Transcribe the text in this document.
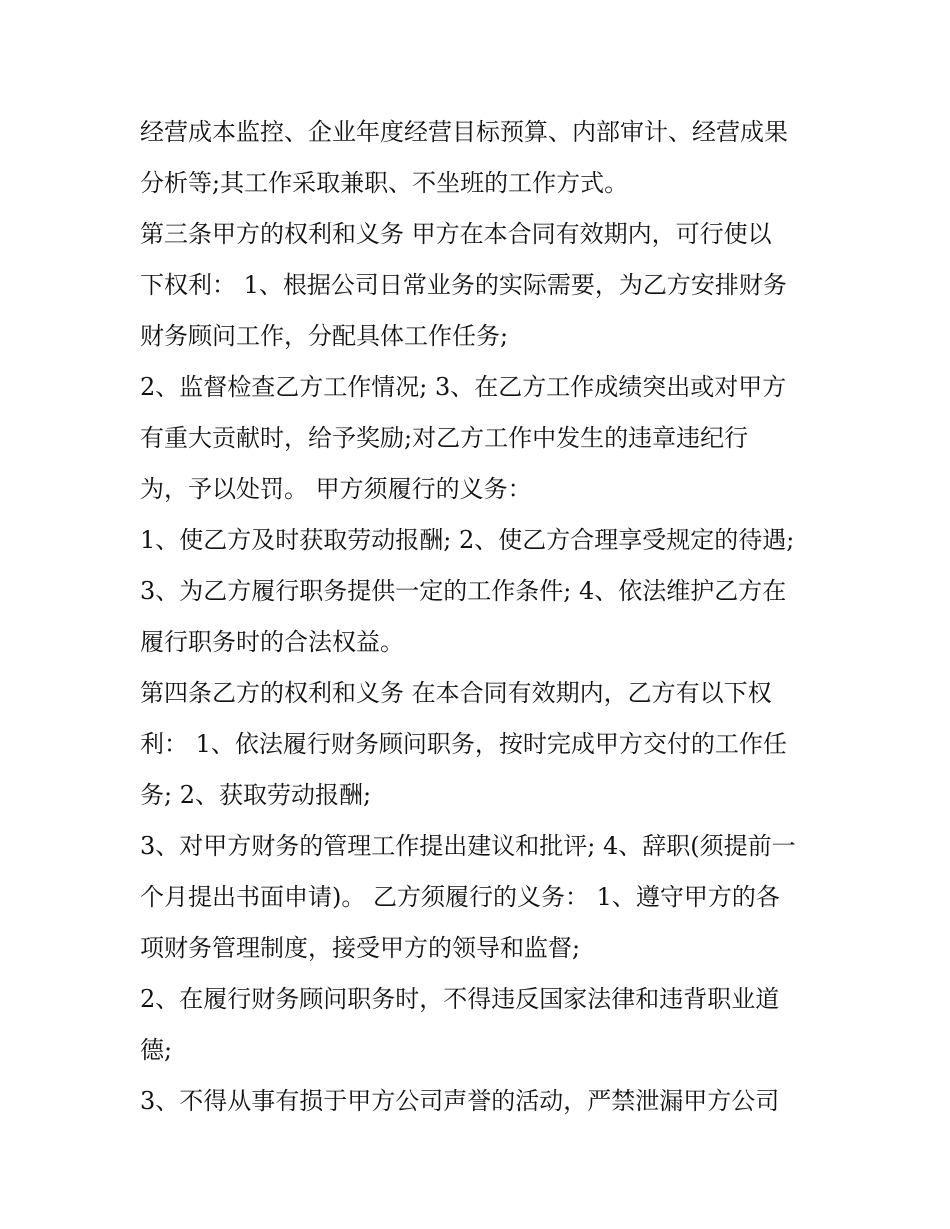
经营成本监控、企业年度经营目标预算、内部审计、经营成果
分析等;其工作采取兼职、不坐班的工作方式。
第三条甲方的权利和义务 甲方在本合同有效期内，可行使以
下权利： 1、根据公司日常业务的实际需要，为乙方安排财务
财务顾问工作，分配具体工作任务;
2、监督检查乙方工作情况; 3、在乙方工作成绩突出或对甲方
有重大贡献时，给予奖励;对乙方工作中发生的违章违纪行
为，予以处罚。 甲方须履行的义务：
1、使乙方及时获取劳动报酬; 2、使乙方合理享受规定的待遇;
3、为乙方履行职务提供一定的工作条件; 4、依法维护乙方在
履行职务时的合法权益。
第四条乙方的权利和义务 在本合同有效期内，乙方有以下权
利： 1、依法履行财务顾问职务，按时完成甲方交付的工作任
务; 2、获取劳动报酬;
3、对甲方财务的管理工作提出建议和批评; 4、辞职(须提前一
个月提出书面申请)。 乙方须履行的义务： 1、遵守甲方的各
项财务管理制度，接受甲方的领导和监督;
2、在履行财务顾问职务时，不得违反国家法律和违背职业道
德;
3、不得从事有损于甲方公司声誉的活动，严禁泄漏甲方公司
